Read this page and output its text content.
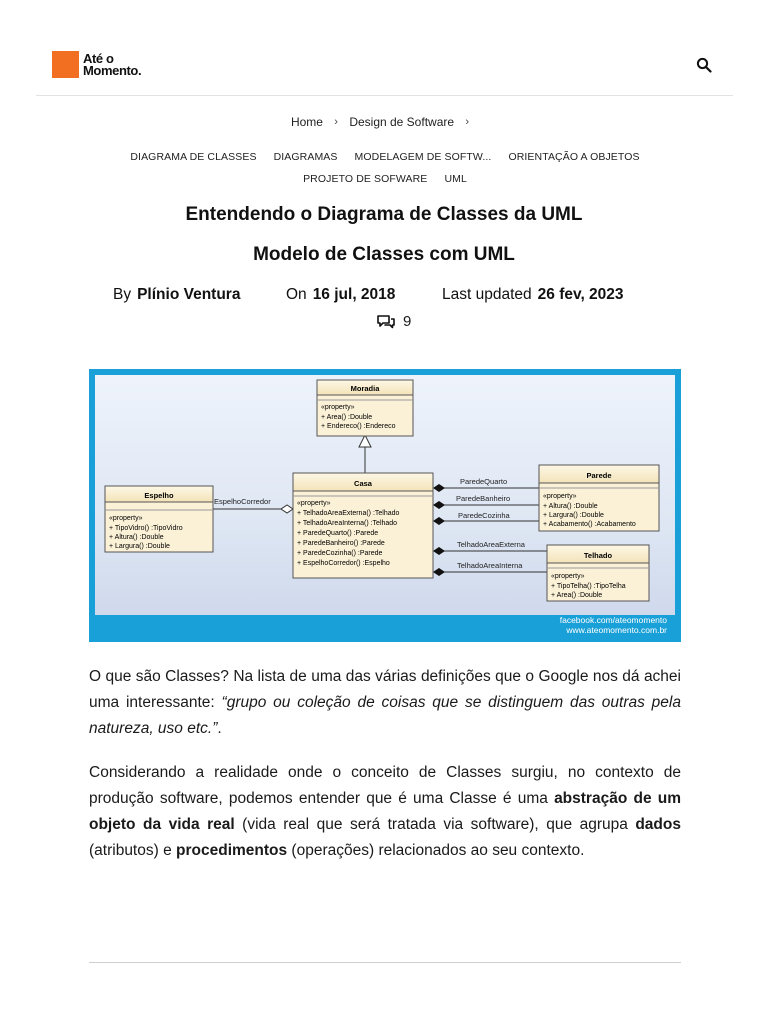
Até o
Momento.
Home › Design de Software ›
DIAGRAMA DE CLASSES DIAGRAMAS MODELAGEM DE SOFTW... ORIENTAÇÃO A OBJETOS PROJETO DE SOFWARE UML
Entendendo o Diagrama de Classes da UML
Modelo de Classes com UML
By Plínio Ventura	On 16 jul, 2018	Last updated 26 fev, 2023
9
EspelhoCorredor
ParedeQuarto
ParedeBanheiro
ParedeCozinha
TelhadoAreaExterna
TelhadoAreaInterna
Moradia
«property»
+ Area() :Double
+ Endereco() :Endereco
Casa
«property»
+ TelhadoAreaExterna() :Telhado
+ TelhadoAreaInterna() :Telhado
+ ParedeQuarto() :Parede
+ ParedeBanheiro() :Parede
+ ParedeCozinha() :Parede
+ EspelhoCorredor() :Espelho
Espelho
«property»
+ TipoVidro() :TipoVidro
+ Altura() :Double
+ Largura() :Double
Parede
«property»
+ Altura() :Double
+ Largura() :Double
+ Acabamento() :Acabamento
Telhado
«property»
+ TipoTelha() :TipoTelha
+ Area() :Double
facebook.com/ateomomento
www.ateomomento.com.br

O que são Classes? Na lista de uma das várias definições que o Google nos dá achei uma interessante: “grupo ou coleção de coisas que se distinguem das outras pela natureza, uso etc.”.

Considerando a realidade onde o conceito de Classes surgiu, no contexto de produção software, podemos entender que é uma Classe é uma abstração de um objeto da vida real (vida real que será tratada via software), que agrupa dados (atributos) e procedimentos (operações) relacionados ao seu contexto.
